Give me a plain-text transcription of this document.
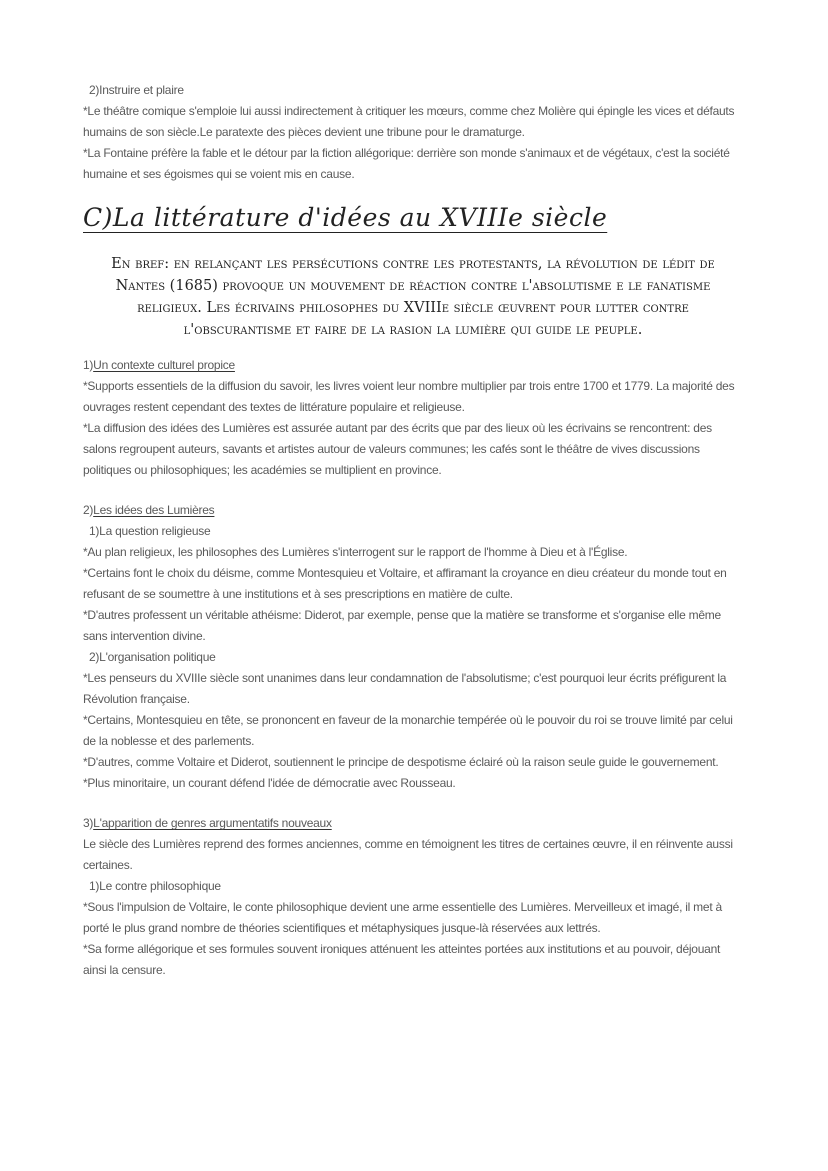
2)Instruire et plaire

*Le théâtre comique s'emploie lui aussi indirectement à critiquer les mœurs, comme chez Molière qui épingle les vices et défauts humains de son siècle.Le paratexte des pièces devient une tribune pour le dramaturge.

*La Fontaine préfère la fable et le détour par la fiction allégorique: derrière son monde s'animaux et de végétaux, c'est la société humaine et ses égoismes qui se voient mis en cause.

C)La littérature d'idées au XVIIIe siècle
En bref: en relançant les persécutions contre les protestants, la révolution de lédit de Nantes (1685) provoque un mouvement de réaction contre l'absolutisme e le fanatisme religieux. Les écrivains philosophes du XVIIIe siècle œuvrent pour lutter contre l'obscurantisme et faire de la rasion la lumière qui guide le peuple.

1)Un contexte culturel propice

*Supports essentiels de la diffusion du savoir, les livres voient leur nombre multiplier par trois entre 1700 et 1779. La majorité des ouvrages restent cependant des textes de littérature populaire et religieuse.

*La diffusion des idées des Lumières est assurée autant par des écrits que par des lieux où les écrivains se rencontrent: des salons regroupent auteurs, savants et artistes autour de valeurs communes; les cafés sont le théâtre de vives discussions politiques ou philosophiques; les académies se multiplient en province.

2)Les idées des Lumières

1)La question religieuse

*Au plan religieux, les philosophes des Lumières s'interrogent sur le rapport de l'homme à Dieu et à l'Église.

*Certains font le choix du déisme, comme Montesquieu et Voltaire, et affiramant la croyance en dieu créateur du monde tout en refusant de se soumettre à une institutions et à ses prescriptions en matière de culte.

*D'autres professent un véritable athéisme: Diderot, par exemple, pense que la matière se transforme et s'organise elle même sans intervention divine.

2)L'organisation politique

*Les penseurs du XVIIIe siècle sont unanimes dans leur condamnation de l'absolutisme; c'est pourquoi leur écrits préfigurent la Révolution française.

*Certains, Montesquieu en tête, se prononcent en faveur de la monarchie tempérée où le pouvoir du roi se trouve limité par celui de la noblesse et des parlements.

*D'autres, comme Voltaire et Diderot, soutiennent le principe de despotisme éclairé où la raison seule guide le gouvernement.

*Plus minoritaire, un courant défend l'idée de démocratie avec Rousseau.

3)L'apparition de genres argumentatifs nouveaux

Le siècle des Lumières reprend des formes anciennes, comme en témoignent les titres de certaines œuvre, il en réinvente aussi certaines.

1)Le contre philosophique

*Sous l'impulsion de Voltaire, le conte philosophique devient une arme essentielle des Lumières. Merveilleux et imagé, il met à porté le plus grand nombre de théories scientifiques et métaphysiques jusque-là réservées aux lettrés.

*Sa forme allégorique et ses formules souvent ironiques atténuent les atteintes portées aux institutions et au pouvoir, déjouant ainsi la censure.
